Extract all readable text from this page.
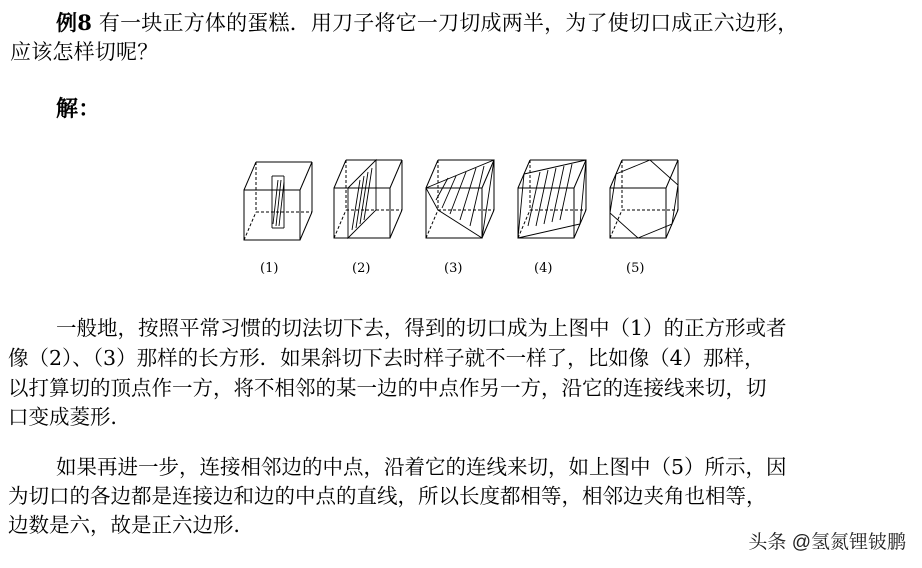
例8 有一块正方体的蛋糕．用刀子将它一刀切成两半，为了使切口成正六边形，
应该怎样切呢？
解：
(1)	(2)	(3)	(4)	(5)
一般地，按照平常习惯的切法切下去，得到的切口成为上图中（1）的正方形或者
像（2）、（3）那样的长方形．如果斜切下去时样子就不一样了，比如像（4）那样，
以打算切的顶点作一方，将不相邻的某一边的中点作另一方，沿它的连接线来切，切
口变成菱形．
如果再进一步，连接相邻边的中点，沿着它的连线来切，如上图中（5）所示，因
为切口的各边都是连接边和边的中点的直线，所以长度都相等，相邻边夹角也相等，
边数是六，故是正六边形．
头条 @氢氮锂铍鹏
